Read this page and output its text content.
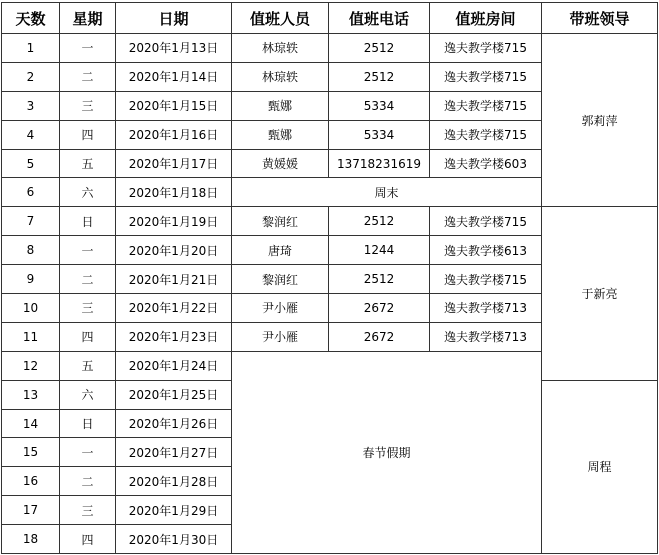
天数	星期	日期	值班人员	值班电话	值班房间	带班领导
1	一	2020年1月13日	林琼轶	2512	逸夫教学楼715	郭莉萍
2	二	2020年1月14日	林琼轶	2512	逸夫教学楼715	
3	三	2020年1月15日	甄娜	5334	逸夫教学楼715	
4	四	2020年1月16日	甄娜	5334	逸夫教学楼715	
5	五	2020年1月17日	黄媛媛	13718231619	逸夫教学楼603	
6	六	2020年1月18日	周末			
7	日	2020年1月19日	黎润红	2512	逸夫教学楼715	于新亮
8	一	2020年1月20日	唐琦	1244	逸夫教学楼613	
9	二	2020年1月21日	黎润红	2512	逸夫教学楼715	
10	三	2020年1月22日	尹小雁	2672	逸夫教学楼713	
11	四	2020年1月23日	尹小雁	2672	逸夫教学楼713	
12	五	2020年1月24日	春节假期			
13	六	2020年1月25日				周程
14	日	2020年1月26日				
15	一	2020年1月27日				
16	二	2020年1月28日				
17	三	2020年1月29日				
18	四	2020年1月30日				
